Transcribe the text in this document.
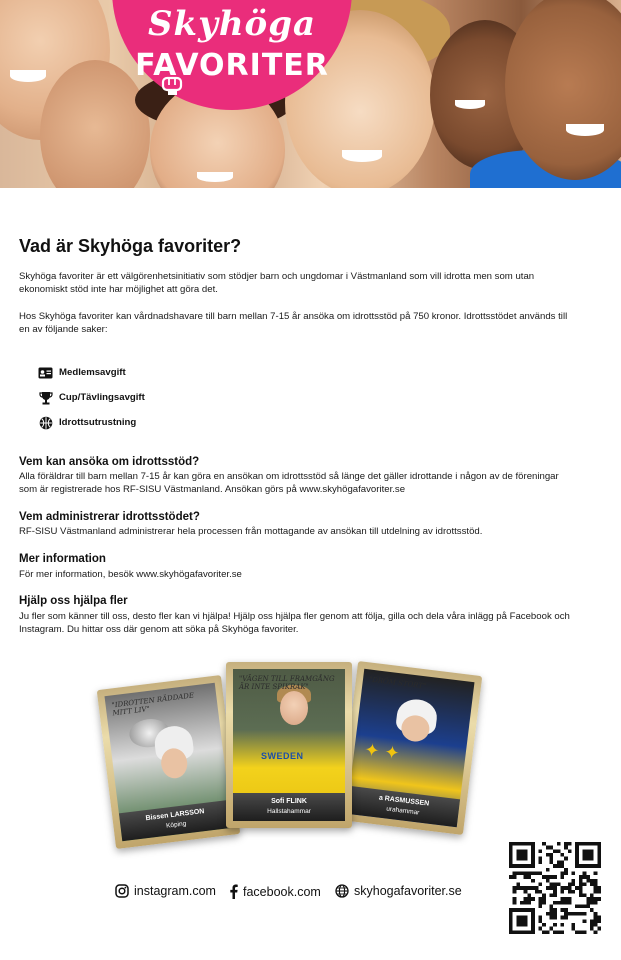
Skyhöga
FAVORITER
Vad är Skyhöga favoriter?

Skyhöga favoriter är ett välgörenhetsinitiativ som stödjer barn och ungdomar i Västmanland som vill idrotta men som utan ekonomiskt stöd inte har möjlighet att göra det.

Hos Skyhöga favoriter kan vårdnadshavare till barn mellan 7-15 år ansöka om idrottsstöd på 750 kronor. Idrottsstödet används till en av följande saker:

Medlemsavgift
Cup/Tävlingsavgift
Idrottsutrustning
Vem kan ansöka om idrottsstöd?

Alla föräldrar till barn mellan 7-15 år kan göra en ansökan om idrottsstöd så länge det gäller idrottande i någon av de föreningar som är registrerade hos RF-SISU Västmanland. Ansökan görs på www.skyhögafavoriter.se

Vem administrerar idrottsstödet?

RF-SISU Västmanland administrerar hela processen från mottagande av ansökan till utdelning av idrottsstöd.

Mer information

För mer information, besök www.skyhögafavoriter.se

Hjälp oss hjälpa fler

Ju fler som känner till oss, desto fler kan vi hjälpa! Hjälp oss hjälpa fler genom att följa, gilla och dela våra inlägg på Facebook och Instagram. Du hittar oss där genom att söka på Skyhöga favoriter.

"IDROTTEN RÄDDADE MITT LIV"
Bissen LARSSON
Köping
"DRÖM STORT"
✦ ✦
a RASMUSSEN
urahammar
"VÄGEN TILL FRAMGÅNG ÄR INTE SPIKRAK"
SWEDEN
Sofi FLINK
Hallstahammar
instagram.com facebook.com	skyhogafavoriter.se
